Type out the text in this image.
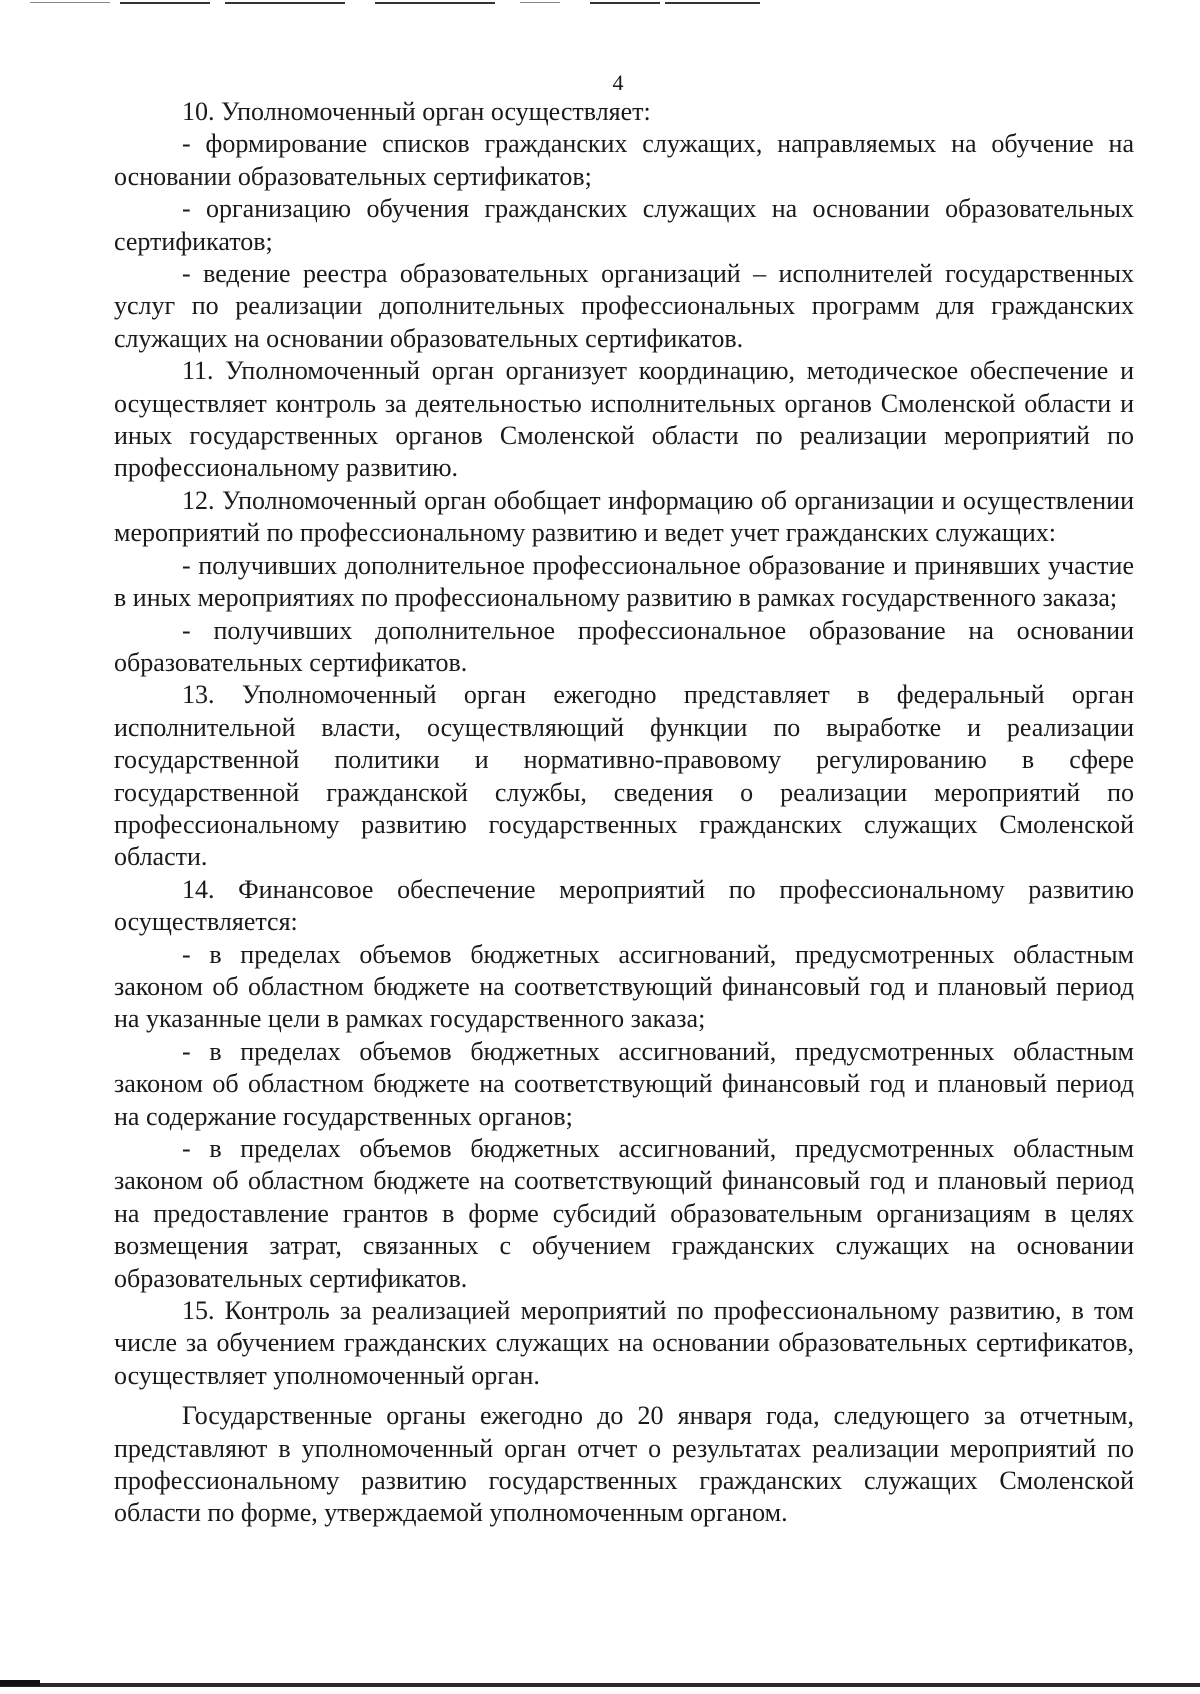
4

10. Уполномоченный орган осуществляет:

- формирование списков гражданских служащих, направляемых на обучение на основании образовательных сертификатов;

- организацию обучения гражданских служащих на основании образовательных сертификатов;

- ведение реестра образовательных организаций – исполнителей государственных услуг по реализации дополнительных профессиональных программ для гражданских служащих на основании образовательных сертификатов.

11. Уполномоченный орган организует координацию, методическое обеспечение и осуществляет контроль за деятельностью исполнительных органов Смоленской области и иных государственных органов Смоленской области по реализации мероприятий по профессиональному развитию.

12. Уполномоченный орган обобщает информацию об организации и осуществлении мероприятий по профессиональному развитию и ведет учет гражданских служащих:

- получивших дополнительное профессиональное образование и принявших участие в иных мероприятиях по профессиональному развитию в рамках государственного заказа;

- получивших дополнительное профессиональное образование на основании образовательных сертификатов.

13. Уполномоченный орган ежегодно представляет в федеральный орган исполнительной власти, осуществляющий функции по выработке и реализации государственной политики и нормативно-правовому регулированию в сфере государственной гражданской службы, сведения о реализации мероприятий по профессиональному развитию государственных гражданских служащих Смоленской области.

14. Финансовое обеспечение мероприятий по профессиональному развитию осуществляется:

- в пределах объемов бюджетных ассигнований, предусмотренных областным законом об областном бюджете на соответствующий финансовый год и плановый период на указанные цели в рамках государственного заказа;

- в пределах объемов бюджетных ассигнований, предусмотренных областным законом об областном бюджете на соответствующий финансовый год и плановый период на содержание государственных органов;

- в пределах объемов бюджетных ассигнований, предусмотренных областным законом об областном бюджете на соответствующий финансовый год и плановый период на предоставление грантов в форме субсидий образовательным организациям в целях возмещения затрат, связанных с обучением гражданских служащих на основании образовательных сертификатов.

15. Контроль за реализацией мероприятий по профессиональному развитию, в том числе за обучением гражданских служащих на основании образовательных сертификатов, осуществляет уполномоченный орган.

Государственные органы ежегодно до 20 января года, следующего за отчетным, представляют в уполномоченный орган отчет о результатах реализации мероприятий по профессиональному развитию государственных гражданских служащих Смоленской области по форме, утверждаемой уполномоченным органом.
